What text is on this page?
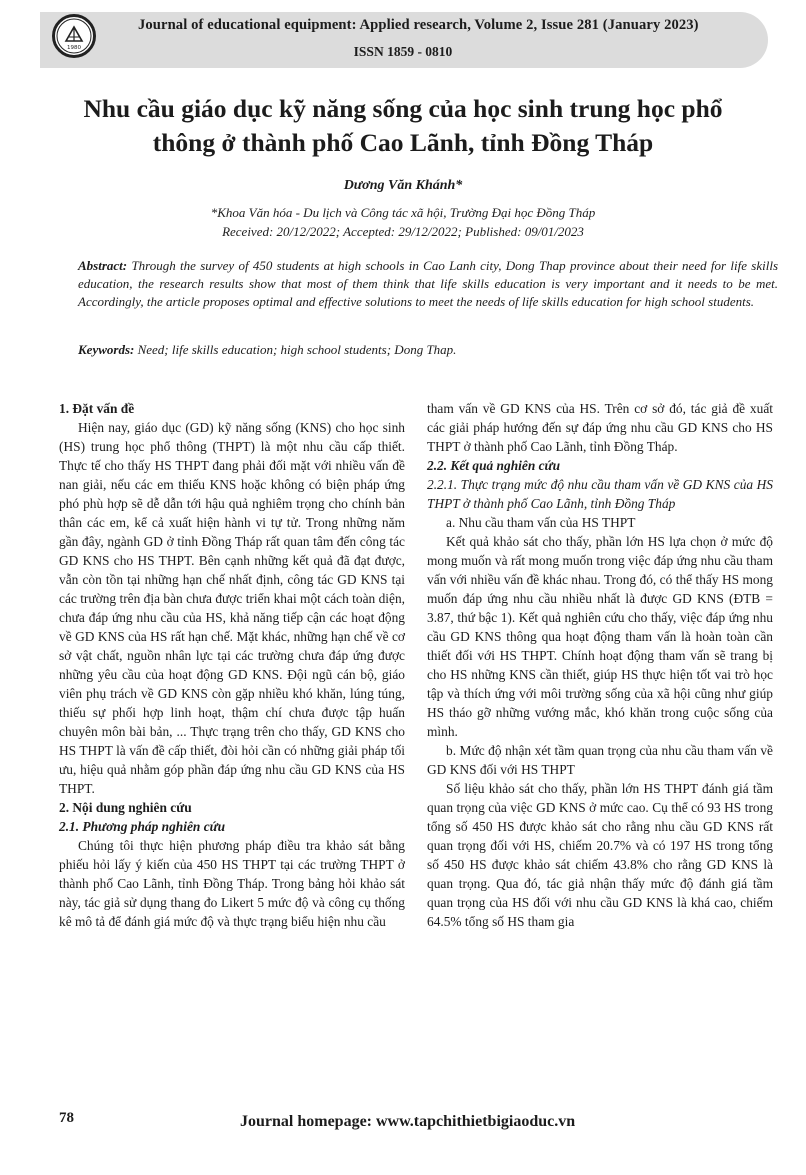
1980
Journal of educational equipment: Applied research, Volume 2, Issue 281 (January 2023)
ISSN 1859 - 0810
Nhu cầu giáo dục kỹ năng sống của học sinh trung học phổ thông ở thành phố Cao Lãnh, tỉnh Đồng Tháp
Dương Văn Khánh*
*Khoa Văn hóa - Du lịch và Công tác xã hội, Trường Đại học Đồng Tháp
Received: 20/12/2022; Accepted: 29/12/2022; Published: 09/01/2023
Abstract: Through the survey of 450 students at high schools in Cao Lanh city, Dong Thap province about their need for life skills education, the research results show that most of them think that life skills education is very important and it needs to be met. Accordingly, the article proposes optimal and effective solutions to meet the needs of life skills education for high school students.
Keywords: Need; life skills education; high school students; Dong Thap.

1. Đặt vấn đề

Hiện nay, giáo dục (GD) kỹ năng sống (KNS) cho học sinh (HS) trung học phổ thông (THPT) là một nhu cầu cấp thiết. Thực tế cho thấy HS THPT đang phải đối mặt với nhiều vấn đề nan giải, nếu các em thiếu KNS hoặc không có biện pháp ứng phó phù hợp sẽ dễ dẫn tới hậu quả nghiêm trọng cho chính bản thân các em, kể cả xuất hiện hành vi tự tử. Trong những năm gần đây, ngành GD ở tỉnh Đồng Tháp rất quan tâm đến công tác GD KNS cho HS THPT. Bên cạnh những kết quả đã đạt được, vẫn còn tồn tại những hạn chế nhất định, công tác GD KNS tại các trường trên địa bàn chưa được triển khai một cách toàn diện, chưa đáp ứng nhu cầu của HS, khả năng tiếp cận các hoạt động về GD KNS của HS rất hạn chế. Mặt khác, những hạn chế về cơ sở vật chất, nguồn nhân lực tại các trường chưa đáp ứng được những yêu cầu của hoạt động GD KNS. Đội ngũ cán bộ, giáo viên phụ trách về GD KNS còn gặp nhiều khó khăn, lúng túng, thiếu sự phối hợp linh hoạt, thậm chí chưa được tập huấn chuyên môn bài bản, ... Thực trạng trên cho thấy, GD KNS cho HS THPT là vấn đề cấp thiết, đòi hỏi cần có những giải pháp tối ưu, hiệu quả nhằm góp phần đáp ứng nhu cầu GD KNS của HS THPT.

2. Nội dung nghiên cứu

2.1. Phương pháp nghiên cứu

Chúng tôi thực hiện phương pháp điều tra khảo sát bằng phiếu hỏi lấy ý kiến của 450 HS THPT tại các trường THPT ở thành phố Cao Lãnh, tỉnh Đồng Tháp. Trong bảng hỏi khảo sát này, tác giả sử dụng thang đo Likert 5 mức độ và công cụ thống kê mô tả để đánh giá mức độ và thực trạng biểu hiện nhu cầu

tham vấn về GD KNS của HS. Trên cơ sở đó, tác giả đề xuất các giải pháp hướng đến sự đáp ứng nhu cầu GD KNS cho HS THPT ở thành phố Cao Lãnh, tỉnh Đồng Tháp.

2.2. Kết quả nghiên cứu

2.2.1. Thực trạng mức độ nhu cầu tham vấn về GD KNS của HS THPT ở thành phố Cao Lãnh, tỉnh Đồng Tháp

a. Nhu cầu tham vấn của HS THPT

Kết quả khảo sát cho thấy, phần lớn HS lựa chọn ở mức độ mong muốn và rất mong muốn trong việc đáp ứng nhu cầu tham vấn với nhiều vấn đề khác nhau. Trong đó, có thể thấy HS mong muốn đáp ứng nhu cầu nhiều nhất là được GD KNS (ĐTB = 3.87, thứ bậc 1). Kết quả nghiên cứu cho thấy, việc đáp ứng nhu cầu GD KNS thông qua hoạt động tham vấn là hoàn toàn cần thiết đối với HS THPT. Chính hoạt động tham vấn sẽ trang bị cho HS những KNS cần thiết, giúp HS thực hiện tốt vai trò học tập và thích ứng với môi trường sống của xã hội cũng như giúp HS tháo gỡ những vướng mắc, khó khăn trong cuộc sống của mình.

b. Mức độ nhận xét tầm quan trọng của nhu cầu tham vấn về GD KNS đối với HS THPT

Số liệu khảo sát cho thấy, phần lớn HS THPT đánh giá tầm quan trọng của việc GD KNS ở mức cao. Cụ thể có 93 HS trong tổng số 450 HS được khảo sát cho rằng nhu cầu GD KNS rất quan trọng đối với HS, chiếm 20.7% và có 197 HS trong tổng số 450 HS được khảo sát chiếm 43.8% cho rằng GD KNS là quan trọng. Qua đó, tác giả nhận thấy mức độ đánh giá tầm quan trọng của HS đối với nhu cầu GD KNS là khá cao, chiếm 64.5% tổng số HS tham gia

78	Journal homepage: www.tapchithietbigiaoduc.vn
